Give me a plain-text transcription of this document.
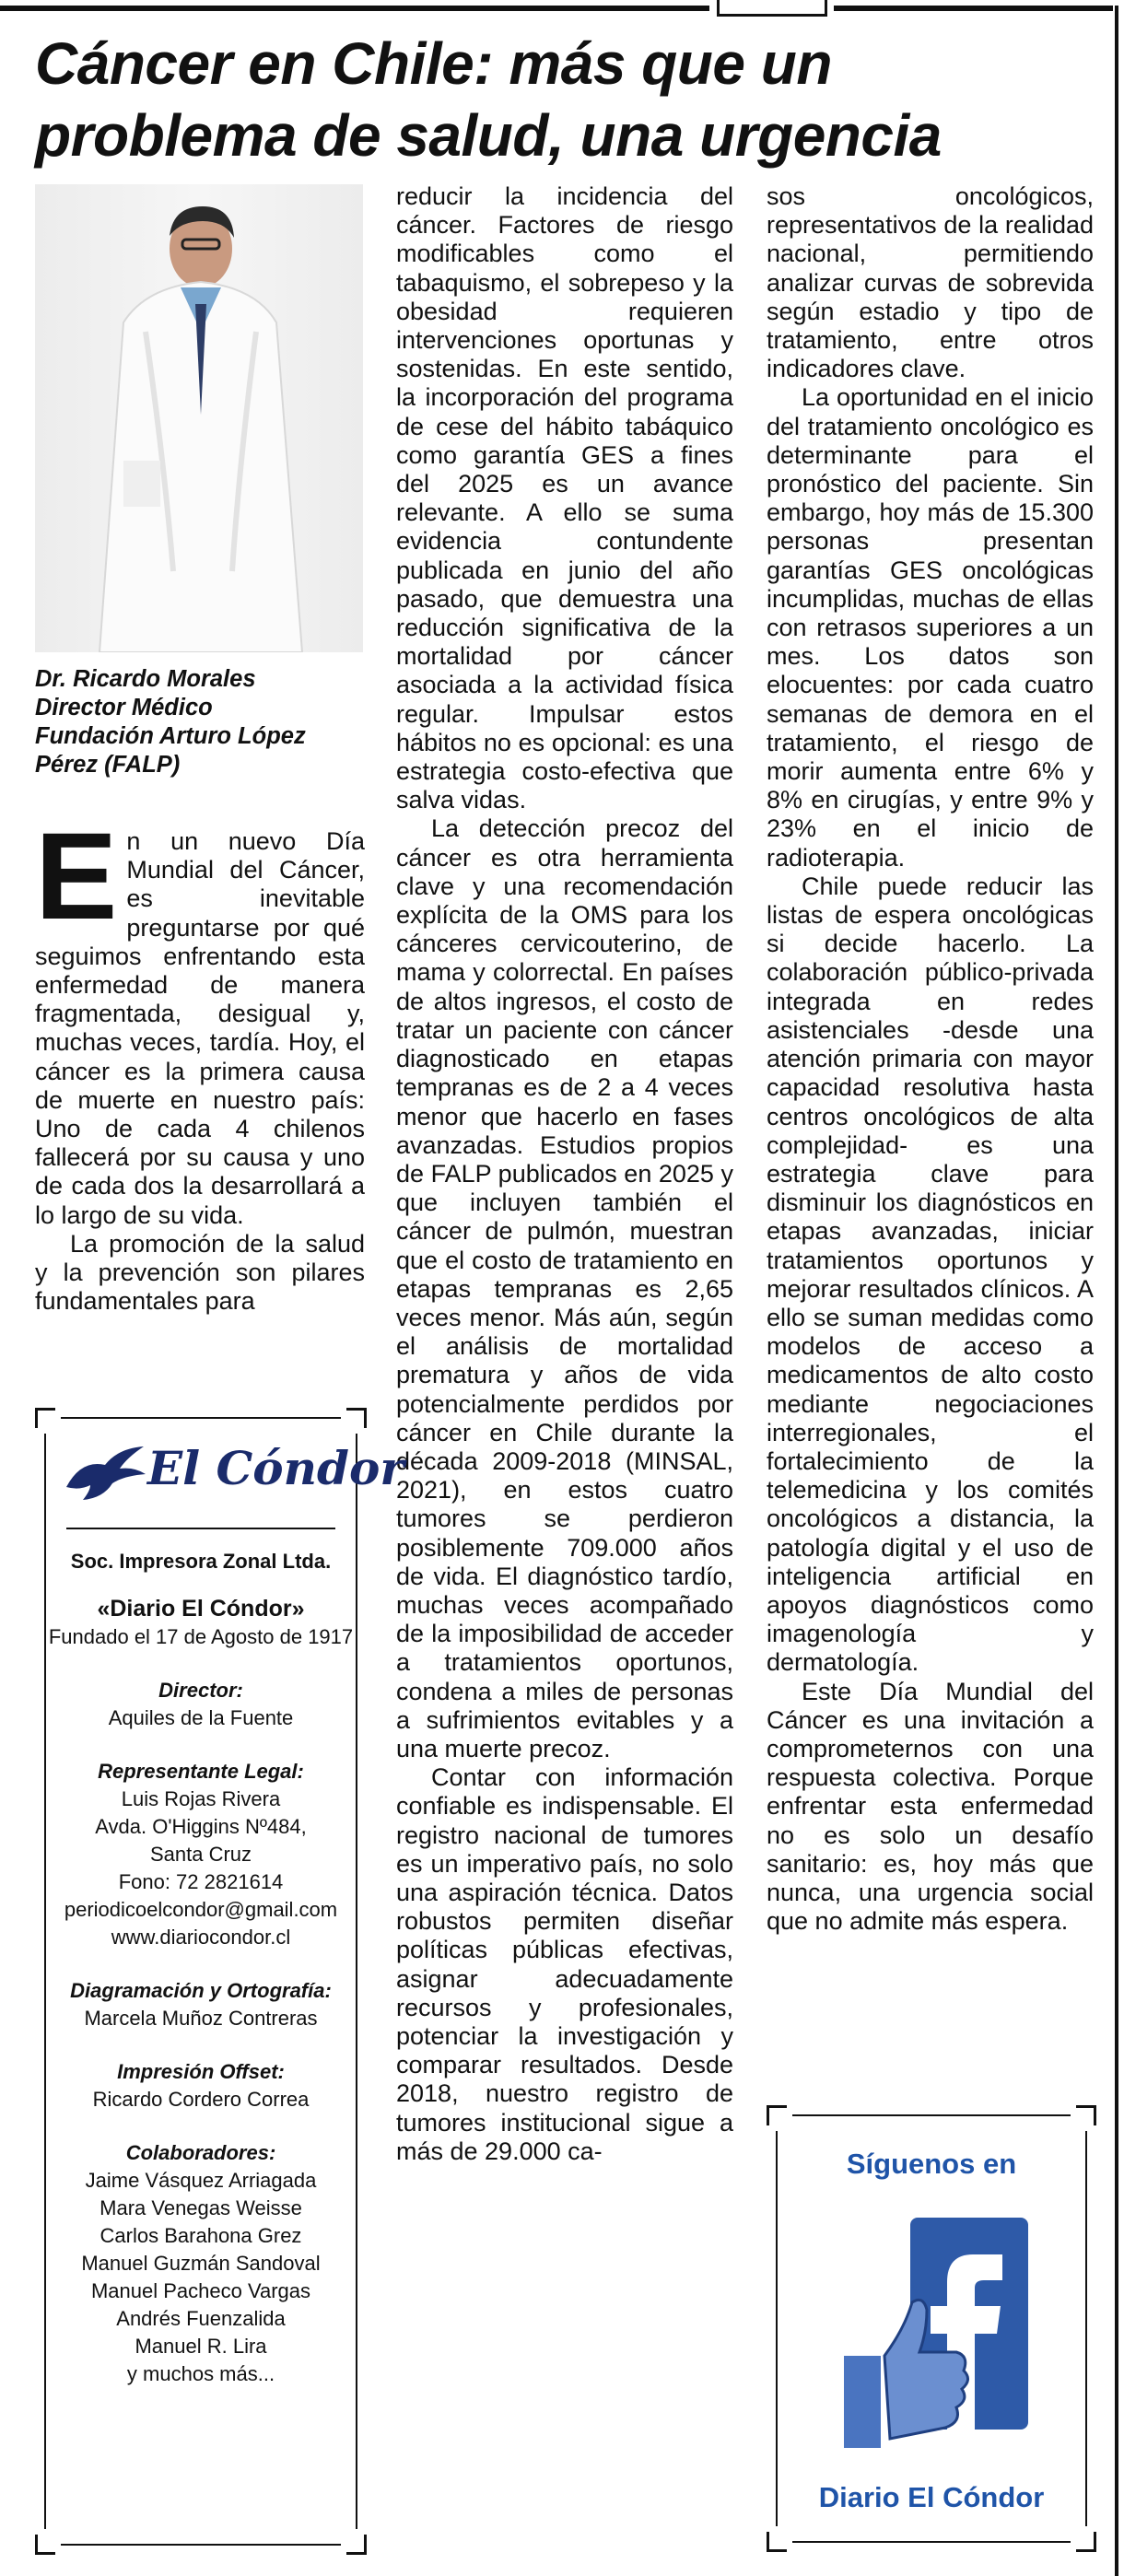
Cáncer en Chile: más que un problema de salud, una urgencia
Dr. Ricardo Morales
Director Médico
Fundación Arturo López
Pérez (FALP)

En un nuevo Día Mundial del Cáncer, es inevitable preguntarse por qué seguimos enfrentando esta enfermedad de manera fragmentada, desigual y, muchas veces, tardía. Hoy, el cáncer es la primera causa de muerte en nuestro país: Uno de cada 4 chilenos fallecerá por su causa y uno de cada dos la desarrollará a lo largo de su vida.

La promoción de la salud y la prevención son pilares fundamentales para

reducir la incidencia del cáncer. Factores de riesgo modificables como el tabaquismo, el sobrepeso y la obesidad requieren intervenciones oportunas y sostenidas. En este sentido, la incorporación del programa de cese del hábito tabáquico como garantía GES a fines del 2025 es un avance relevante. A ello se suma evidencia contundente publicada en junio del año pasado, que demuestra una reducción significativa de la mortalidad por cáncer asociada a la actividad física regular. Impulsar estos hábitos no es opcional: es una estrategia costo-efectiva que salva vidas.

La detección precoz del cáncer es otra herramienta clave y una recomendación explícita de la OMS para los cánceres cervicouterino, de mama y colorrectal. En países de altos ingresos, el costo de tratar un paciente con cáncer diagnosticado en etapas tempranas es de 2 a 4 veces menor que hacerlo en fases avanzadas. Estudios propios de FALP publicados en 2025 y que incluyen también el cáncer de pulmón, muestran que el costo de tratamiento en etapas tempranas es 2,65 veces menor. Más aún, según el análisis de mortalidad prematura y años de vida potencialmente perdidos por cáncer en Chile durante la década 2009-2018 (MINSAL, 2021), en estos cuatro tumores se perdieron posiblemente 709.000 años de vida. El diagnóstico tardío, muchas veces acompañado de la imposibilidad de acceder a tratamientos oportunos, condena a miles de personas a sufrimientos evitables y a una muerte precoz.

Contar con información confiable es indispensable. El registro nacional de tumores es un imperativo país, no solo una aspiración técnica. Datos robustos permiten diseñar políticas públicas efectivas, asignar adecuadamente recursos y profesionales, potenciar la investigación y comparar resultados. Desde 2018, nuestro registro de tumores institucional sigue a más de 29.000 ca-

sos oncológicos, representativos de la realidad nacional, permitiendo analizar curvas de sobrevida según estadio y tipo de tratamiento, entre otros indicadores clave.

La oportunidad en el inicio del tratamiento oncológico es determinante para el pronóstico del paciente. Sin embargo, hoy más de 15.300 personas presentan garantías GES oncológicas incumplidas, muchas de ellas con retrasos superiores a un mes. Los datos son elocuentes: por cada cuatro semanas de demora en el tratamiento, el riesgo de morir aumenta entre 6% y 8% en cirugías, y entre 9% y 23% en el inicio de radioterapia.

Chile puede reducir las listas de espera oncológicas si decide hacerlo. La colaboración público-privada integrada en redes asistenciales -desde una atención primaria con mayor capacidad resolutiva hasta centros oncológicos de alta complejidad- es una estrategia clave para disminuir los diagnósticos en etapas avanzadas, iniciar tratamientos oportunos y mejorar resultados clínicos. A ello se suman medidas como modelos de acceso a medicamentos de alto costo mediante negociaciones interregionales, el fortalecimiento de la telemedicina y los comités oncológicos a distancia, la patología digital y el uso de inteligencia artificial en apoyos diagnósticos como imagenología y dermatología.

Este Día Mundial del Cáncer es una invitación a comprometernos con una respuesta colectiva. Porque enfrentar esta enfermedad no es solo un desafío sanitario: es, hoy más que nunca, una urgencia social que no admite más espera.

El Cóndor
Soc. Impresora Zonal Ltda.
«Diario El Cóndor»
Fundado el 17 de Agosto de 1917
Director:
Aquiles de la Fuente
Representante Legal:
Luis Rojas Rivera
Avda. O'Higgins Nº484,
Santa Cruz
Fono: 72 2821614
periodicoelcondor@gmail.com
www.diariocondor.cl
Diagramación y Ortografía:
Marcela Muñoz Contreras
Impresión Offset:
Ricardo Cordero Correa
Colaboradores:
Jaime Vásquez Arriagada
Mara Venegas Weisse
Carlos Barahona Grez
Manuel Guzmán Sandoval
Manuel Pacheco Vargas
Andrés Fuenzalida
Manuel R. Lira
y muchos más...
Síguenos en
Diario El Cóndor
